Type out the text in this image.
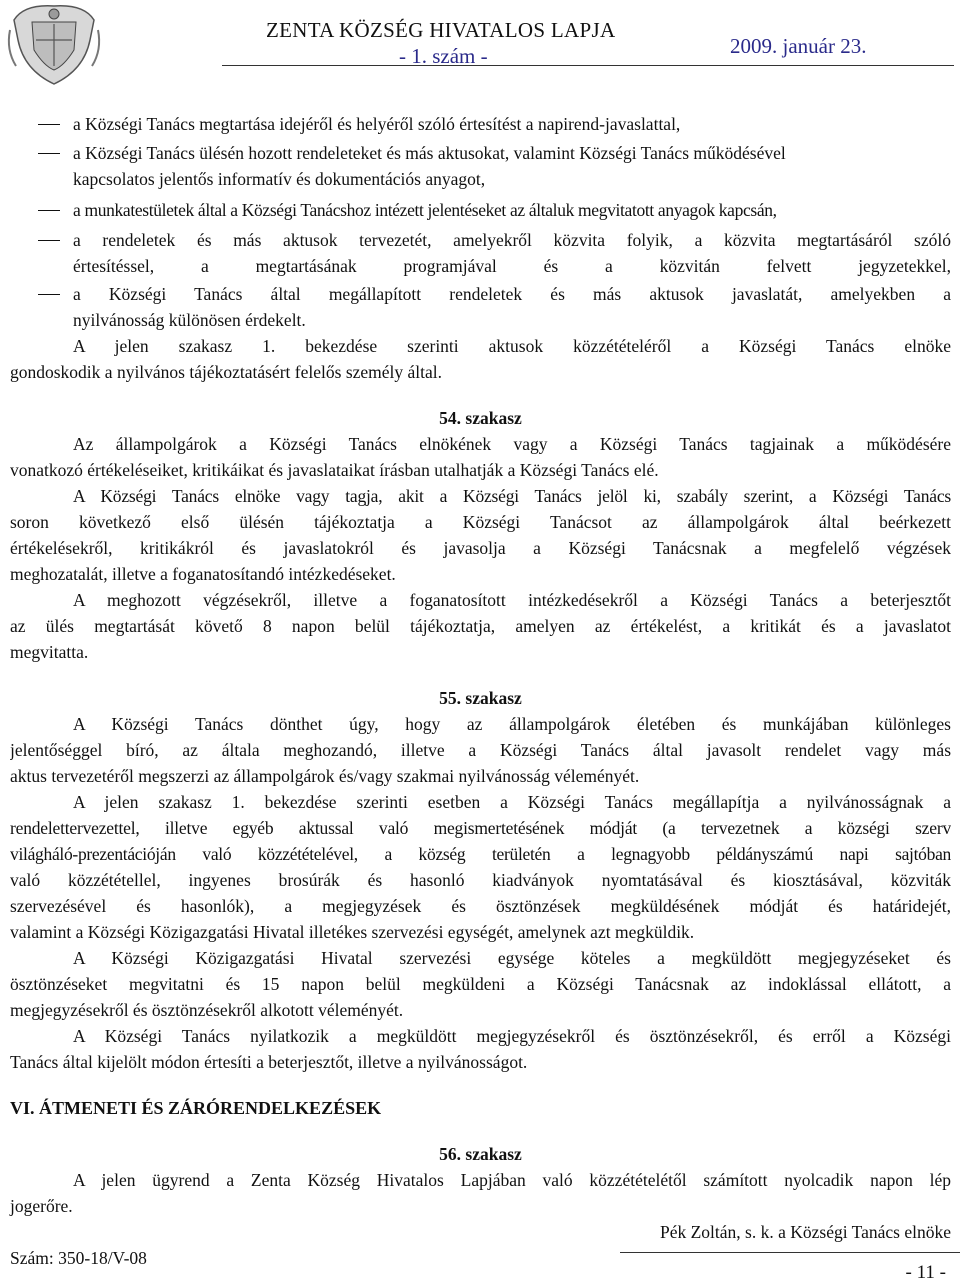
ZENTA KÖZSÉG HIVATALOS LAPJA
- 1. szám -	2009. január 23.
a Községi Tanács megtartása idejéről és helyéről szóló értesítést a napirend-javaslattal,
a Községi Tanács ülésén hozott rendeleteket és más aktusokat, valamint Községi Tanács működésével
kapcsolatos jelentős informatív és dokumentációs anyagot,
a munkatestületek által a Községi Tanácshoz intézett jelentéseket az általuk megvitatott anyagok kapcsán,
a rendeletek és más aktusok tervezetét, amelyekről közvita folyik, a közvita megtartásáról szóló
értesítéssel, a megtartásának programjával és a közvitán felvett jegyzetekkel,
a Községi Tanács által megállapított rendeletek és más aktusok javaslatát, amelyekben a
nyilvánosság különösen érdekelt.
A jelen szakasz 1. bekezdése szerinti aktusok közzétételéről a Községi Tanács elnöke
gondoskodik a nyilvános tájékoztatásért felelős személy által.
54. szakasz
Az állampolgárok a Községi Tanács elnökének vagy a Községi Tanács tagjainak a működésére
vonatkozó értékeléseiket, kritikáikat és javaslataikat írásban utalhatják a Községi Tanács elé.
A Községi Tanács elnöke vagy tagja, akit a Községi Tanács jelöl ki, szabály szerint, a Községi Tanács
soron következő első ülésén tájékoztatja a Községi Tanácsot az állampolgárok által beérkezett
értékelésekről, kritikákról és javaslatokról és javasolja a Községi Tanácsnak a megfelelő végzések
meghozatalát, illetve a foganatosítandó intézkedéseket.
A meghozott végzésekről, illetve a foganatosított intézkedésekről a Községi Tanács a beterjesztőt
az ülés megtartását követő 8 napon belül tájékoztatja, amelyen az értékelést, a kritikát és a javaslatot
megvitatta.
55. szakasz
A Községi Tanács dönthet úgy, hogy az állampolgárok életében és munkájában különleges
jelentőséggel bíró, az általa meghozandó, illetve a Községi Tanács által javasolt rendelet vagy más
aktus tervezetéről megszerzi az állampolgárok és/vagy szakmai nyilvánosság véleményét.
A jelen szakasz 1. bekezdése szerinti esetben a Községi Tanács megállapítja a nyilvánosságnak a
rendelettervezettel, illetve egyéb aktussal való megismertetésének módját (a tervezetnek a községi szerv
világháló-prezentációján való közzétételével, a község területén a legnagyobb példányszámú napi sajtóban
való közzététellel, ingyenes brosúrák és hasonló kiadványok nyomtatásával és kiosztásával, közviták
szervezésével és hasonlók), a megjegyzések és ösztönzések megküldésének módját és határidejét,
valamint a Községi Közigazgatási Hivatal illetékes szervezési egységét, amelynek azt megküldik.
A Községi Közigazgatási Hivatal szervezési egysége köteles a megküldött megjegyzéseket és
ösztönzéseket megvitatni és 15 napon belül megküldeni a Községi Tanácsnak az indoklással ellátott, a
megjegyzésekről és ösztönzésekről alkotott véleményét.
A Községi Tanács nyilatkozik a megküldött megjegyzésekről és ösztönzésekről, és erről a Községi
Tanács által kijelölt módon értesíti a beterjesztőt, illetve a nyilvánosságot.
VI. ÁTMENETI ÉS ZÁRÓRENDELKEZÉSEK
56. szakasz
A jelen ügyrend a Zenta Község Hivatalos Lapjában való közzétételétől számított nyolcadik napon lép
jogerőre.
Pék Zoltán, s. k. a Községi Tanács elnöke
Szám: 350-18/V-08
- 11 -
